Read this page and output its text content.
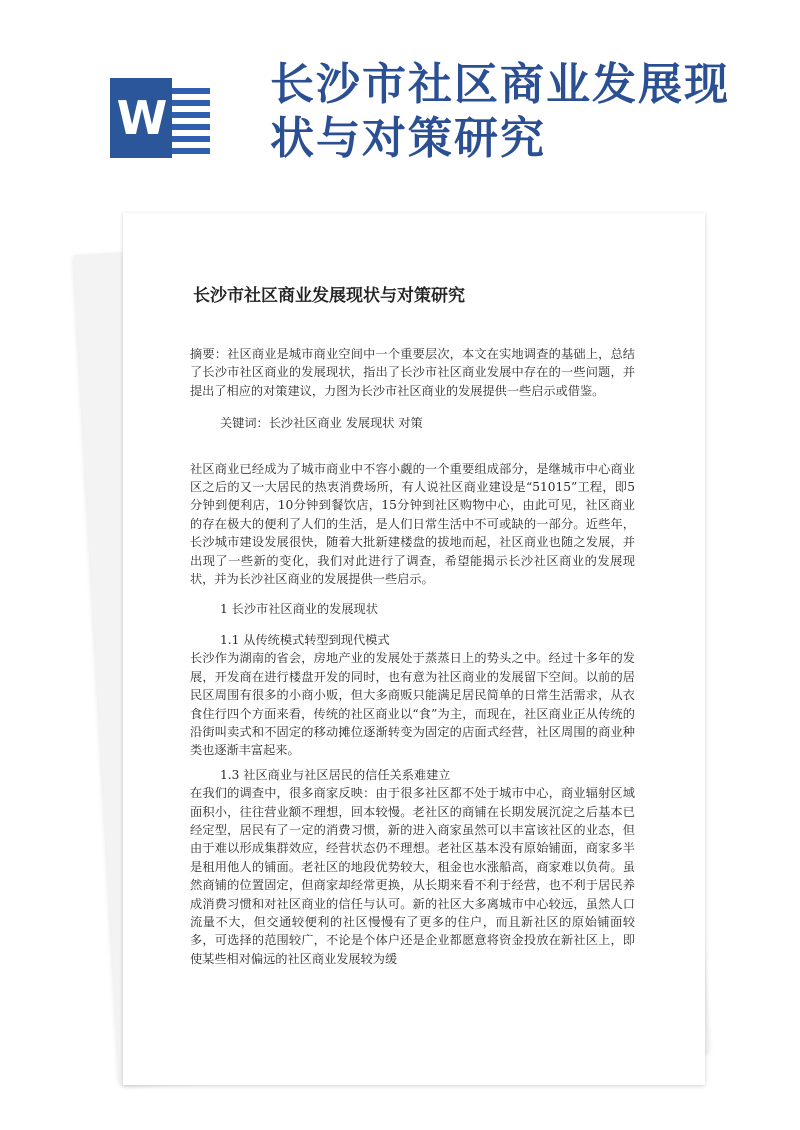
W
长沙市社区商业发展现状与对策研究
长沙市社区商业发展现状与对策研究

摘要：社区商业是城市商业空间中一个重要层次，本文在实地调查的基础上，总结了长沙市社区商业的发展现状，指出了长沙市社区商业发展中存在的一些问题，并提出了相应的对策建议，力图为长沙市社区商业的发展提供一些启示或借鉴。

关键词：长沙社区商业 发展现状 对策

社区商业已经成为了城市商业中不容小觑的一个重要组成部分，是继城市中心商业区之后的又一大居民的热衷消费场所，有人说社区商业建设是“51015”工程，即5分钟到便利店，10分钟到餐饮店，15分钟到社区购物中心，由此可见，社区商业的存在极大的便利了人们的生活，是人们日常生活中不可或缺的一部分。近些年，长沙城市建设发展很快，随着大批新建楼盘的拔地而起，社区商业也随之发展，并出现了一些新的变化，我们对此进行了调查，希望能揭示长沙社区商业的发展现状，并为长沙社区商业的发展提供一些启示。

1 长沙市社区商业的发展现状

1.1 从传统模式转型到现代模式

长沙作为湖南的省会，房地产业的发展处于蒸蒸日上的势头之中。经过十多年的发展，开发商在进行楼盘开发的同时，也有意为社区商业的发展留下空间。以前的居民区周围有很多的小商小贩，但大多商贩只能满足居民简单的日常生活需求，从衣食住行四个方面来看，传统的社区商业以“食”为主，而现在，社区商业正从传统的沿街叫卖式和不固定的移动摊位逐渐转变为固定的店面式经营，社区周围的商业种类也逐渐丰富起来。

1.3 社区商业与社区居民的信任关系难建立

在我们的调查中，很多商家反映：由于很多社区都不处于城市中心，商业辐射区域面积小，往往营业额不理想，回本较慢。老社区的商铺在长期发展沉淀之后基本已经定型，居民有了一定的消费习惯，新的进入商家虽然可以丰富该社区的业态，但由于难以形成集群效应，经营状态仍不理想。老社区基本没有原始铺面，商家多半是租用他人的铺面。老社区的地段优势较大，租金也水涨船高，商家难以负荷。虽然商铺的位置固定，但商家却经常更换，从长期来看不利于经营，也不利于居民养成消费习惯和对社区商业的信任与认可。新的社区大多离城市中心较远，虽然人口流量不大，但交通较便利的社区慢慢有了更多的住户，而且新社区的原始铺面较多，可选择的范围较广，不论是个体户还是企业都愿意将资金投放在新社区上，即使某些相对偏远的社区商业发展较为缓
